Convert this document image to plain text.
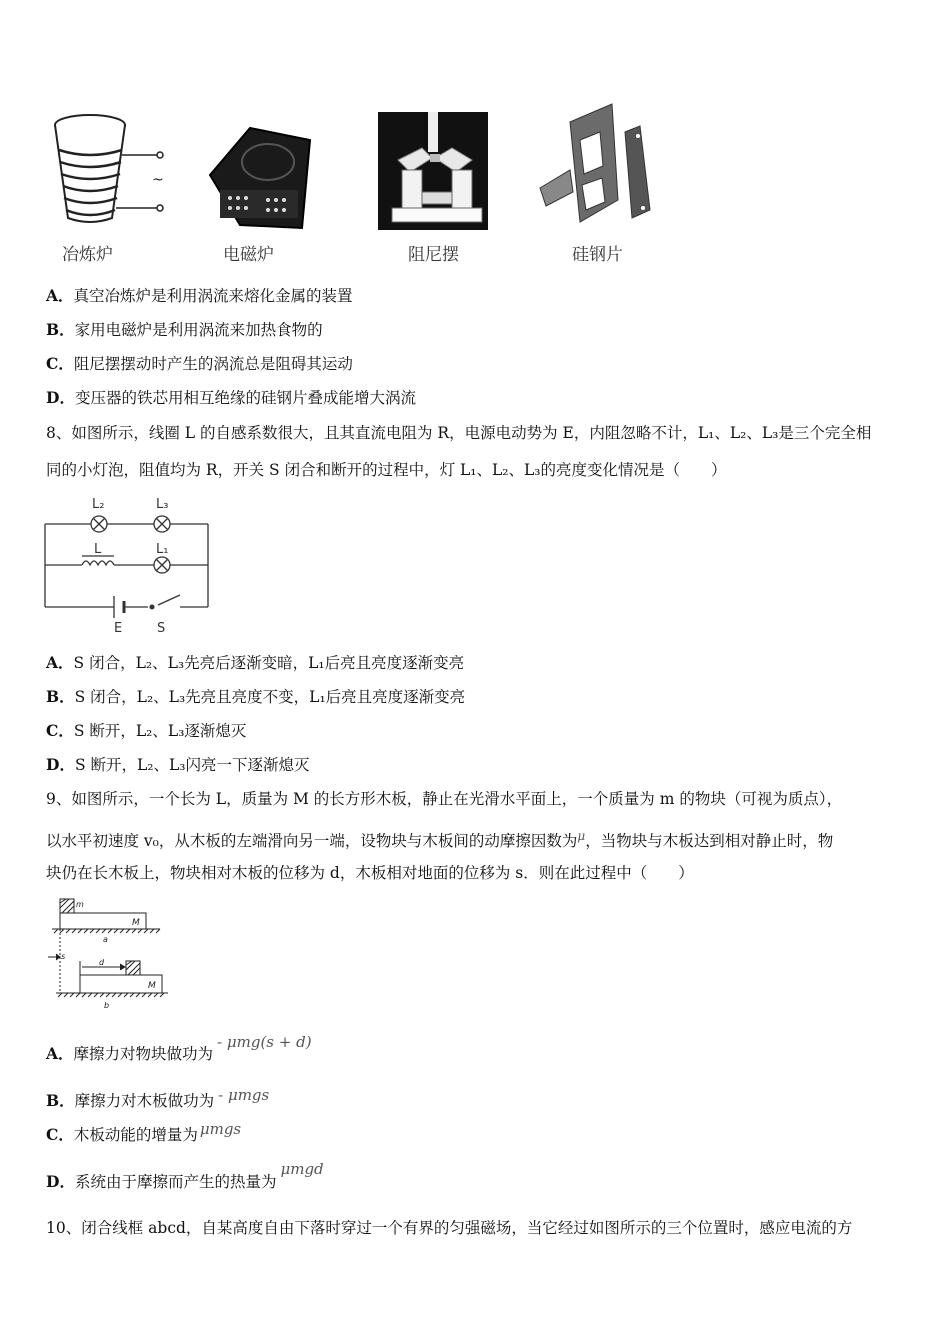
~
冶炼炉	电磁炉	阻尼摆	硅钢片
A．真空冶炼炉是利用涡流来熔化金属的装置
B．家用电磁炉是利用涡流来加热食物的
C．阻尼摆摆动时产生的涡流总是阻碍其运动
D．变压器的铁芯用相互绝缘的硅钢片叠成能增大涡流
8、如图所示，线圈 L 的自感系数很大，且其直流电阻为 R，电源电动势为 E，内阻忽略不计，L₁、L₂、L₃是三个完全相
同的小灯泡，阻值均为 R，开关 S 闭合和断开的过程中，灯 L₁、L₂、L₃的亮度变化情况是（　　）
L₂	L₃
L	L₁
E	S
A．S 闭合，L₂、L₃先亮后逐渐变暗，L₁后亮且亮度逐渐变亮
B．S 闭合，L₂、L₃先亮且亮度不变，L₁后亮且亮度逐渐变亮
C．S 断开，L₂、L₃逐渐熄灭
D．S 断开，L₂、L₃闪亮一下逐渐熄灭
9、如图所示，一个长为 L，质量为 M 的长方形木板，静止在光滑水平面上，一个质量为 m 的物块（可视为质点），
以水平初速度 v₀，从木板的左端滑向另一端，设物块与木板间的动摩擦因数为$^\mu$，当物块与木板达到相对静止时，物
块仍在长木板上，物块相对木板的位移为 d，木板相对地面的位移为 s．则在此过程中（　　）
m
M
a
s
d
M
b
A．摩擦力对物块做功为- μmg(s + d)
B．摩擦力对木板做功为 - μmgs
C．木板动能的增量为 μmgs
D．系统由于摩擦而产生的热量为μmgd
10、闭合线框 abcd，自某高度自由下落时穿过一个有界的匀强磁场，当它经过如图所示的三个位置时，感应电流的方
